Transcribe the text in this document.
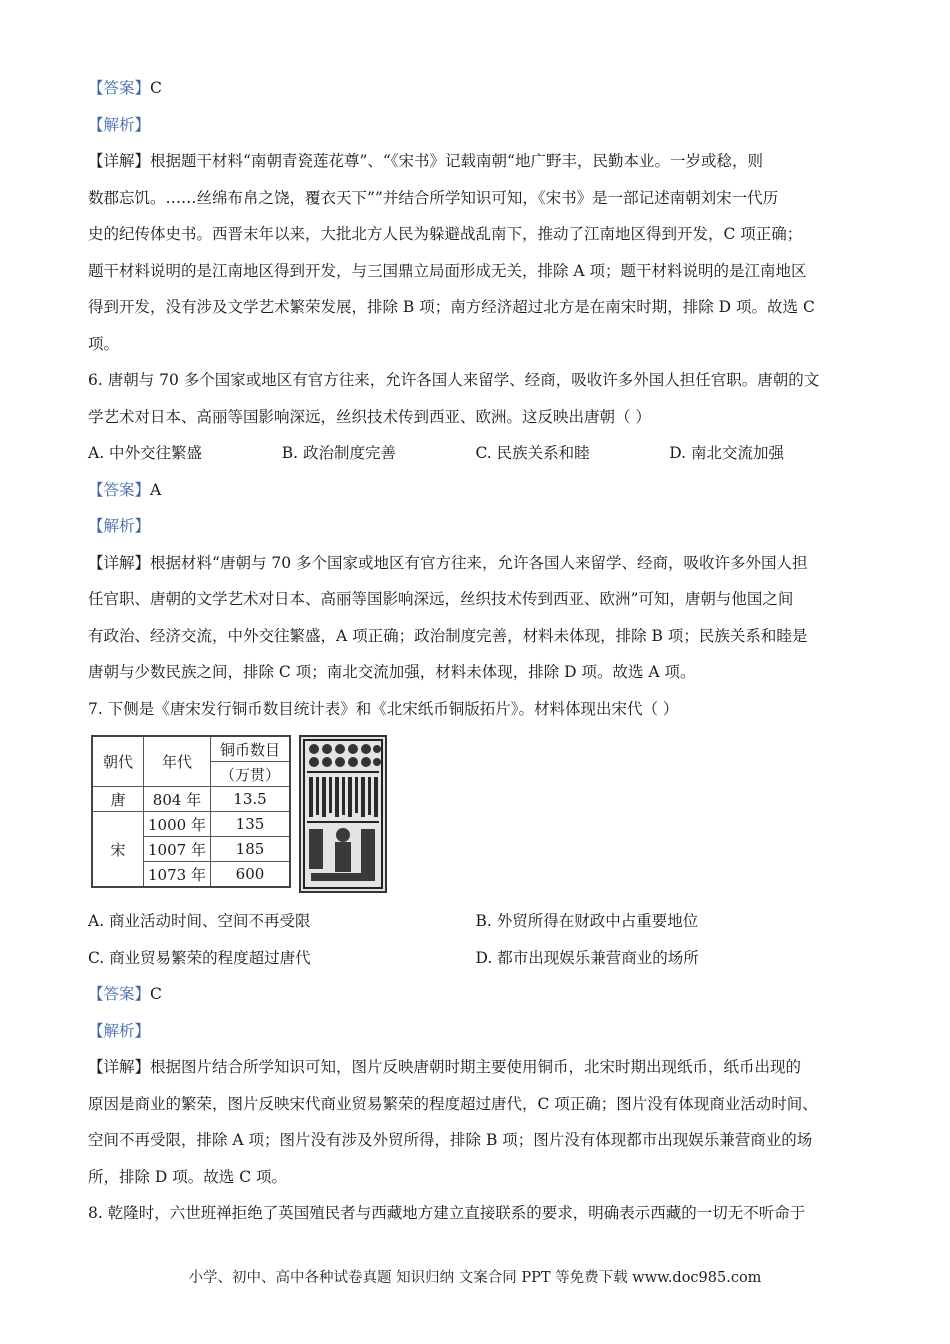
【答案】C
【解析】
【详解】根据题干材料“南朝青瓷莲花尊”、“《宋书》记载南朝“地广野丰，民勤本业。一岁或稔，则
数郡忘饥。……丝绵布帛之饶，覆衣天下””并结合所学知识可知，《宋书》是一部记述南朝刘宋一代历
史的纪传体史书。西晋末年以来，大批北方人民为躲避战乱南下，推动了江南地区得到开发，C 项正确；
题干材料说明的是江南地区得到开发，与三国鼎立局面形成无关，排除 A 项；题干材料说明的是江南地区
得到开发，没有涉及文学艺术繁荣发展，排除 B 项；南方经济超过北方是在南宋时期，排除 D 项。故选 C
项。
6. 唐朝与 70 多个国家或地区有官方往来，允许各国人来留学、经商，吸收许多外国人担任官职。唐朝的文
学艺术对日本、高丽等国影响深远，丝织技术传到西亚、欧洲。这反映出唐朝（ ）
A. 中外交往繁盛	B. 政治制度完善	C. 民族关系和睦	D. 南北交流加强
【答案】A
【解析】
【详解】根据材料“唐朝与 70 多个国家或地区有官方往来，允许各国人来留学、经商，吸收许多外国人担
任官职、唐朝的文学艺术对日本、高丽等国影响深远，丝织技术传到西亚、欧洲”可知，唐朝与他国之间
有政治、经济交流，中外交往繁盛，A 项正确；政治制度完善，材料未体现，排除 B 项；民族关系和睦是
唐朝与少数民族之间，排除 C 项；南北交流加强，材料未体现，排除 D 项。故选 A 项。
7. 下侧是《唐宋发行铜币数目统计表》和《北宋纸币铜版拓片》。材料体现出宋代（ ）
朝代	年代	铜币数目
		（万贯）
唐	804 年	13.5
宋	1000 年	135
	1007 年	185
	1073 年	600
A. 商业活动时间、空间不再受限	B. 外贸所得在财政中占重要地位
C. 商业贸易繁荣的程度超过唐代	D. 都市出现娱乐兼营商业的场所
【答案】C
【解析】
【详解】根据图片结合所学知识可知，图片反映唐朝时期主要使用铜币，北宋时期出现纸币，纸币出现的
原因是商业的繁荣，图片反映宋代商业贸易繁荣的程度超过唐代，C 项正确；图片没有体现商业活动时间、
空间不再受限，排除 A 项；图片没有涉及外贸所得，排除 B 项；图片没有体现都市出现娱乐兼营商业的场
所，排除 D 项。故选 C 项。
8. 乾隆时，六世班禅拒绝了英国殖民者与西藏地方建立直接联系的要求，明确表示西藏的一切无不听命于
小学、初中、高中各种试卷真题 知识归纳 文案合同 PPT 等免费下载 www.doc985.com
